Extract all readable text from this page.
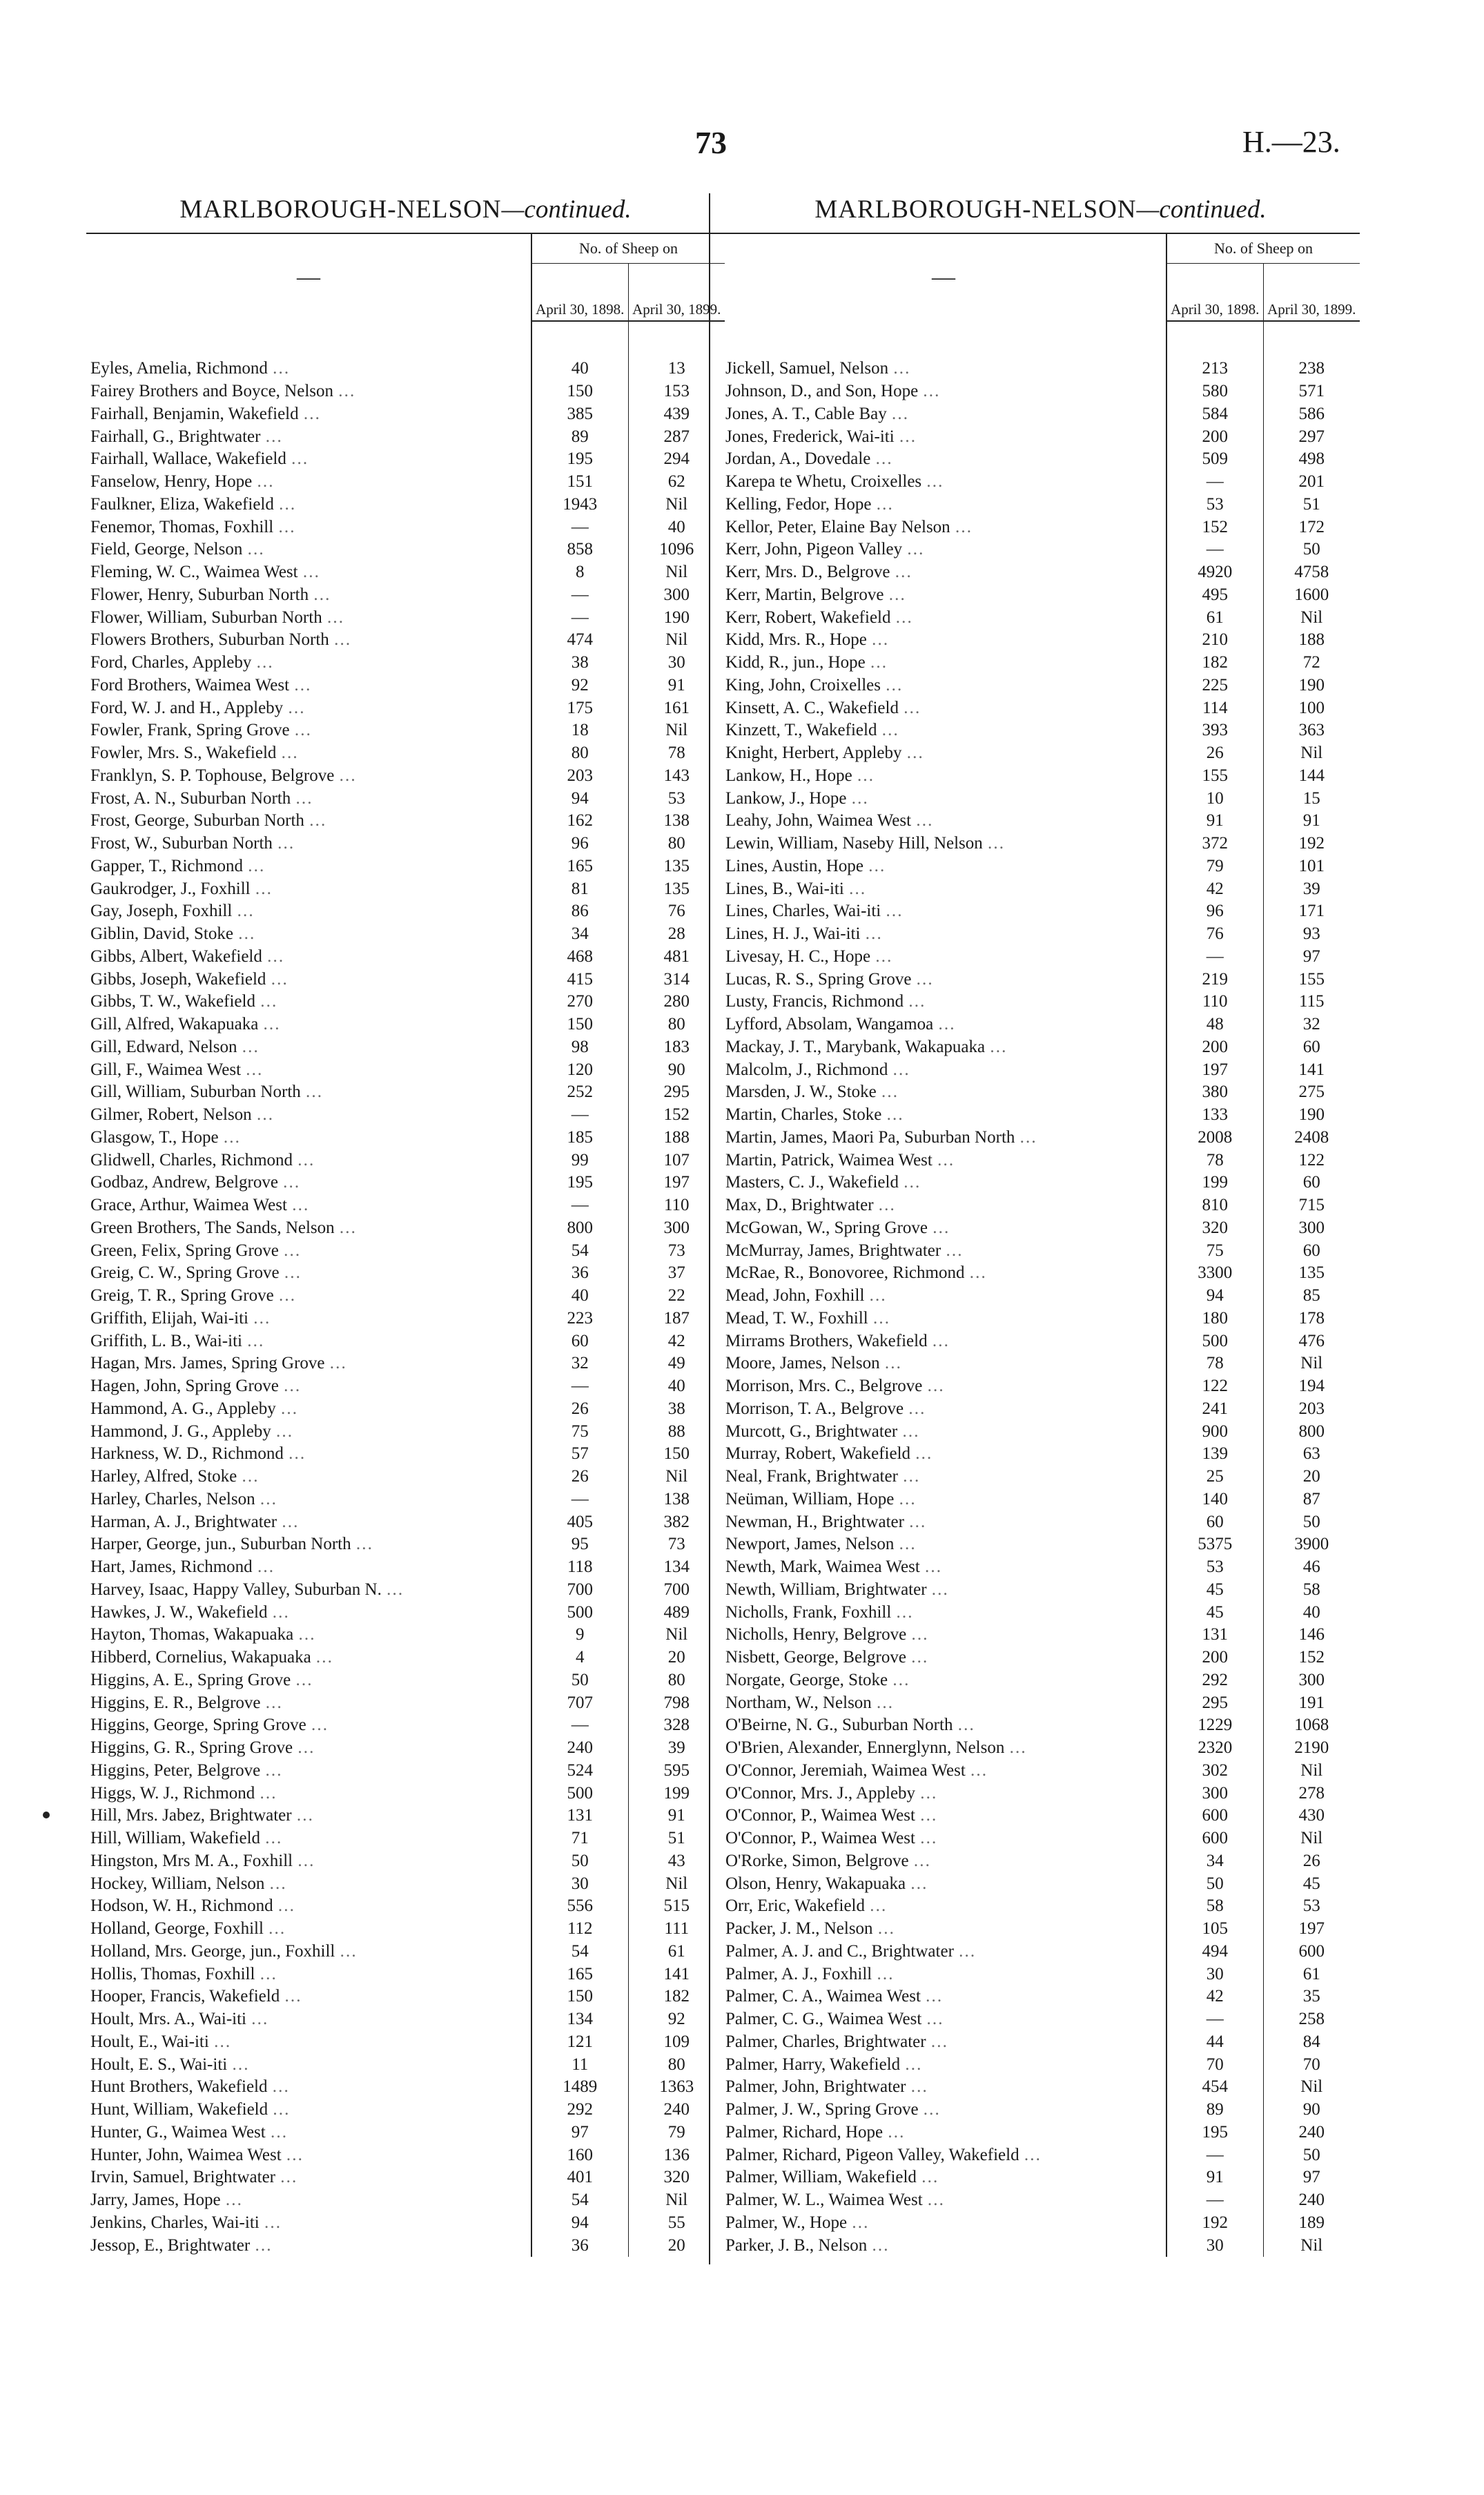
73	H.—23.
MARLBOROUGH-NELSON—continued.
—	No. of Sheep on	
	April 30, 1898.	April 30, 1899.

Eyles, Amelia, Richmond …	40	13
Fairey Brothers and Boyce, Nelson …	150	153
Fairhall, Benjamin, Wakefield …	385	439
Fairhall, G., Brightwater …	89	287
Fairhall, Wallace, Wakefield …	195	294
Fanselow, Henry, Hope …	151	62
Faulkner, Eliza, Wakefield …	1943	Nil
Fenemor, Thomas, Foxhill …	—	40
Field, George, Nelson …	858	1096
Fleming, W. C., Waimea West …	8	Nil
Flower, Henry, Suburban North …	—	300
Flower, William, Suburban North …	—	190
Flowers Brothers, Suburban North …	474	Nil
Ford, Charles, Appleby …	38	30
Ford Brothers, Waimea West …	92	91
Ford, W. J. and H., Appleby …	175	161
Fowler, Frank, Spring Grove …	18	Nil
Fowler, Mrs. S., Wakefield …	80	78
Franklyn, S. P. Tophouse, Belgrove …	203	143
Frost, A. N., Suburban North …	94	53
Frost, George, Suburban North …	162	138
Frost, W., Suburban North …	96	80
Gapper, T., Richmond …	165	135
Gaukrodger, J., Foxhill …	81	135
Gay, Joseph, Foxhill …	86	76
Giblin, David, Stoke …	34	28
Gibbs, Albert, Wakefield …	468	481
Gibbs, Joseph, Wakefield …	415	314
Gibbs, T. W., Wakefield …	270	280
Gill, Alfred, Wakapuaka …	150	80
Gill, Edward, Nelson …	98	183
Gill, F., Waimea West …	120	90
Gill, William, Suburban North …	252	295
Gilmer, Robert, Nelson …	—	152
Glasgow, T., Hope …	185	188
Glidwell, Charles, Richmond …	99	107
Godbaz, Andrew, Belgrove …	195	197
Grace, Arthur, Waimea West …	—	110
Green Brothers, The Sands, Nelson …	800	300
Green, Felix, Spring Grove …	54	73
Greig, C. W., Spring Grove …	36	37
Greig, T. R., Spring Grove …	40	22
Griffith, Elijah, Wai-iti …	223	187
Griffith, L. B., Wai-iti …	60	42
Hagan, Mrs. James, Spring Grove …	32	49
Hagen, John, Spring Grove …	—	40
Hammond, A. G., Appleby …	26	38
Hammond, J. G., Appleby …	75	88
Harkness, W. D., Richmond …	57	150
Harley, Alfred, Stoke …	26	Nil
Harley, Charles, Nelson …	—	138
Harman, A. J., Brightwater …	405	382
Harper, George, jun., Suburban North …	95	73
Hart, James, Richmond …	118	134
Harvey, Isaac, Happy Valley, Suburban N. …	700	700
Hawkes, J. W., Wakefield …	500	489
Hayton, Thomas, Wakapuaka …	9	Nil
Hibberd, Cornelius, Wakapuaka …	4	20
Higgins, A. E., Spring Grove …	50	80
Higgins, E. R., Belgrove …	707	798
Higgins, George, Spring Grove …	—	328
Higgins, G. R., Spring Grove …	240	39
Higgins, Peter, Belgrove …	524	595
Higgs, W. J., Richmond …	500	199
Hill, Mrs. Jabez, Brightwater …	131	91
Hill, William, Wakefield …	71	51
Hingston, Mrs M. A., Foxhill …	50	43
Hockey, William, Nelson …	30	Nil
Hodson, W. H., Richmond …	556	515
Holland, George, Foxhill …	112	111
Holland, Mrs. George, jun., Foxhill …	54	61
Hollis, Thomas, Foxhill …	165	141
Hooper, Francis, Wakefield …	150	182
Hoult, Mrs. A., Wai-iti …	134	92
Hoult, E., Wai-iti …	121	109
Hoult, E. S., Wai-iti …	11	80
Hunt Brothers, Wakefield …	1489	1363
Hunt, William, Wakefield …	292	240
Hunter, G., Waimea West …	97	79
Hunter, John, Waimea West …	160	136
Irvin, Samuel, Brightwater …	401	320
Jarry, James, Hope …	54	Nil
Jenkins, Charles, Wai-iti …	94	55
Jessop, E., Brightwater …	36	20
MARLBOROUGH-NELSON—continued.
—	No. of Sheep on	
	April 30, 1898.	April 30, 1899.

Jickell, Samuel, Nelson …	213	238
Johnson, D., and Son, Hope …	580	571
Jones, A. T., Cable Bay …	584	586
Jones, Frederick, Wai-iti …	200	297
Jordan, A., Dovedale …	509	498
Karepa te Whetu, Croixelles …	—	201
Kelling, Fedor, Hope …	53	51
Kellor, Peter, Elaine Bay Nelson …	152	172
Kerr, John, Pigeon Valley …	—	50
Kerr, Mrs. D., Belgrove …	4920	4758
Kerr, Martin, Belgrove …	495	1600
Kerr, Robert, Wakefield …	61	Nil
Kidd, Mrs. R., Hope …	210	188
Kidd, R., jun., Hope …	182	72
King, John, Croixelles …	225	190
Kinsett, A. C., Wakefield …	114	100
Kinzett, T., Wakefield …	393	363
Knight, Herbert, Appleby …	26	Nil
Lankow, H., Hope …	155	144
Lankow, J., Hope …	10	15
Leahy, John, Waimea West …	91	91
Lewin, William, Naseby Hill, Nelson …	372	192
Lines, Austin, Hope …	79	101
Lines, B., Wai-iti …	42	39
Lines, Charles, Wai-iti …	96	171
Lines, H. J., Wai-iti …	76	93
Livesay, H. C., Hope …	—	97
Lucas, R. S., Spring Grove …	219	155
Lusty, Francis, Richmond …	110	115
Lyfford, Absolam, Wangamoa …	48	32
Mackay, J. T., Marybank, Wakapuaka …	200	60
Malcolm, J., Richmond …	197	141
Marsden, J. W., Stoke …	380	275
Martin, Charles, Stoke …	133	190
Martin, James, Maori Pa, Suburban North …	2008	2408
Martin, Patrick, Waimea West …	78	122
Masters, C. J., Wakefield …	199	60
Max, D., Brightwater …	810	715
McGowan, W., Spring Grove …	320	300
McMurray, James, Brightwater …	75	60
McRae, R., Bonovoree, Richmond …	3300	135
Mead, John, Foxhill …	94	85
Mead, T. W., Foxhill …	180	178
Mirrams Brothers, Wakefield …	500	476
Moore, James, Nelson …	78	Nil
Morrison, Mrs. C., Belgrove …	122	194
Morrison, T. A., Belgrove …	241	203
Murcott, G., Brightwater …	900	800
Murray, Robert, Wakefield …	139	63
Neal, Frank, Brightwater …	25	20
Neüman, William, Hope …	140	87
Newman, H., Brightwater …	60	50
Newport, James, Nelson …	5375	3900
Newth, Mark, Waimea West …	53	46
Newth, William, Brightwater …	45	58
Nicholls, Frank, Foxhill …	45	40
Nicholls, Henry, Belgrove …	131	146
Nisbett, George, Belgrove …	200	152
Norgate, George, Stoke …	292	300
Northam, W., Nelson …	295	191
O'Beirne, N. G., Suburban North …	1229	1068
O'Brien, Alexander, Ennerglynn, Nelson …	2320	2190
O'Connor, Jeremiah, Waimea West …	302	Nil
O'Connor, Mrs. J., Appleby …	300	278
O'Connor, P., Waimea West …	600	430
O'Connor, P., Waimea West …	600	Nil
O'Rorke, Simon, Belgrove …	34	26
Olson, Henry, Wakapuaka …	50	45
Orr, Eric, Wakefield …	58	53
Packer, J. M., Nelson …	105	197
Palmer, A. J. and C., Brightwater …	494	600
Palmer, A. J., Foxhill …	30	61
Palmer, C. A., Waimea West …	42	35
Palmer, C. G., Waimea West …	—	258
Palmer, Charles, Brightwater …	44	84
Palmer, Harry, Wakefield …	70	70
Palmer, John, Brightwater …	454	Nil
Palmer, J. W., Spring Grove …	89	90
Palmer, Richard, Hope …	195	240
Palmer, Richard, Pigeon Valley, Wakefield …	—	50
Palmer, William, Wakefield …	91	97
Palmer, W. L., Waimea West …	—	240
Palmer, W., Hope …	192	189
Parker, J. B., Nelson …	30	Nil
